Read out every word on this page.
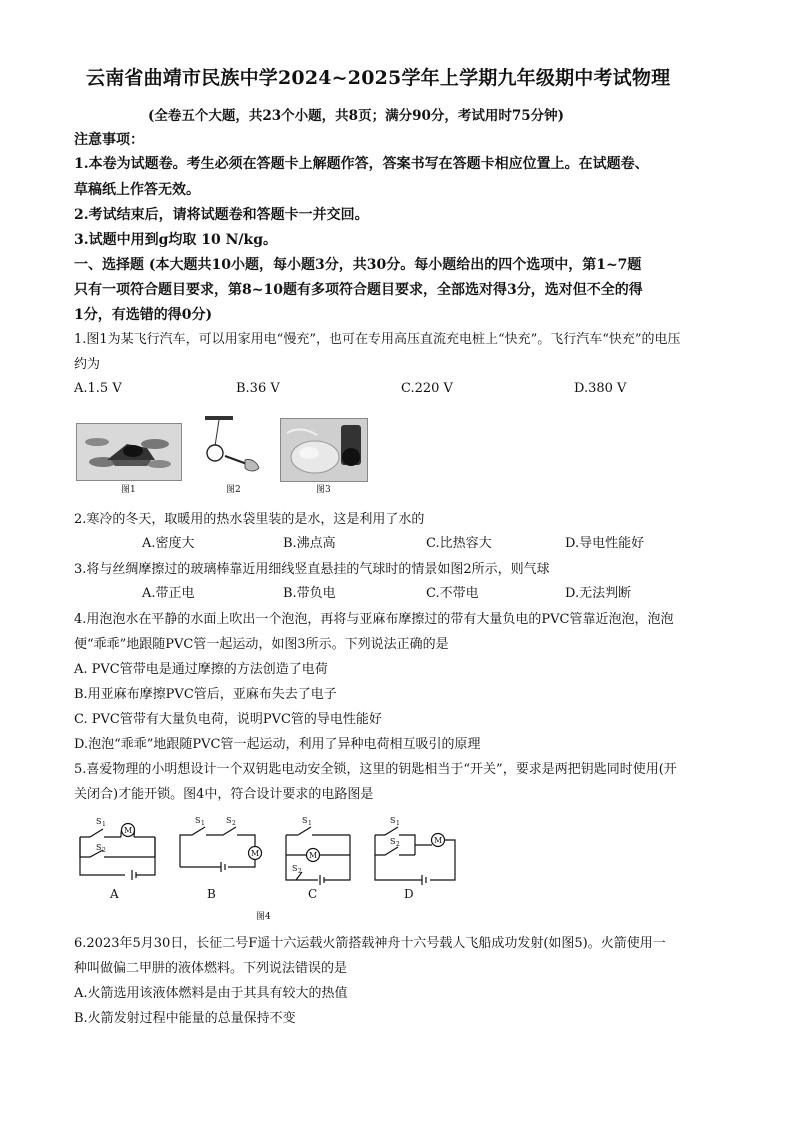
云南省曲靖市民族中学2024~2025学年上学期九年级期中考试物理
(全卷五个大题，共23个小题，共8页；满分90分，考试用时75分钟)
注意事项：
1.本卷为试题卷。考生必须在答题卡上解题作答，答案书写在答题卡相应位置上。在试题卷、
草稿纸上作答无效。
2.考试结束后，请将试题卷和答题卡一并交回。
3.试题中用到g均取 10 N/kg。
一、选择题 (本大题共10小题，每小题3分，共30分。每小题给出的四个选项中，第1~7题
只有一项符合题目要求，第8~10题有多项符合题目要求，全部选对得3分，选对但不全的得
1分，有选错的得0分)
1.图1为某飞行汽车，可以用家用电“慢充”，也可在专用高压直流充电桩上“快充”。飞行汽车“快充”的电压
约为
A.1.5 V	B.36 V	C.220 V	D.380 V
图1	图2	图3
2.寒冷的冬天，取暖用的热水袋里装的是水，这是利用了水的
A.密度大	B.沸点高	C.比热容大	D.导电性能好
3.将与丝绸摩擦过的玻璃棒靠近用细线竖直悬挂的气球时的情景如图2所示，则气球
A.带正电	B.带负电	C.不带电	D.无法判断
4.用泡泡水在平静的水面上吹出一个泡泡，再将与亚麻布摩擦过的带有大量负电的PVC管靠近泡泡，泡泡
便“乖乖”地跟随PVC管一起运动，如图3所示。下列说法正确的是
A. PVC管带电是通过摩擦的方法创造了电荷
B.用亚麻布摩擦PVC管后，亚麻布失去了电子
C. PVC管带有大量负电荷，说明PVC管的导电性能好
D.泡泡“乖乖”地跟随PVC管一起运动，利用了异种电荷相互吸引的原理
5.喜爱物理的小明想设计一个双钥匙电动安全锁，这里的钥匙相当于“开关”，要求是两把钥匙同时使用(开
关闭合)才能开锁。图4中，符合设计要求的电路图是
S 1
S 2
M
S 1	S 2
M
S 1
M
S 2
S 1
S 2	M
A	B	C	D
图4
6.2023年5月30日，长征二号F遥十六运载火箭搭载神舟十六号载人飞船成功发射(如图5)。火箭使用一
种叫做偏二甲肼的液体燃料。下列说法错误的是
A.火箭选用该液体燃料是由于其具有较大的热值
B.火箭发射过程中能量的总量保持不变
